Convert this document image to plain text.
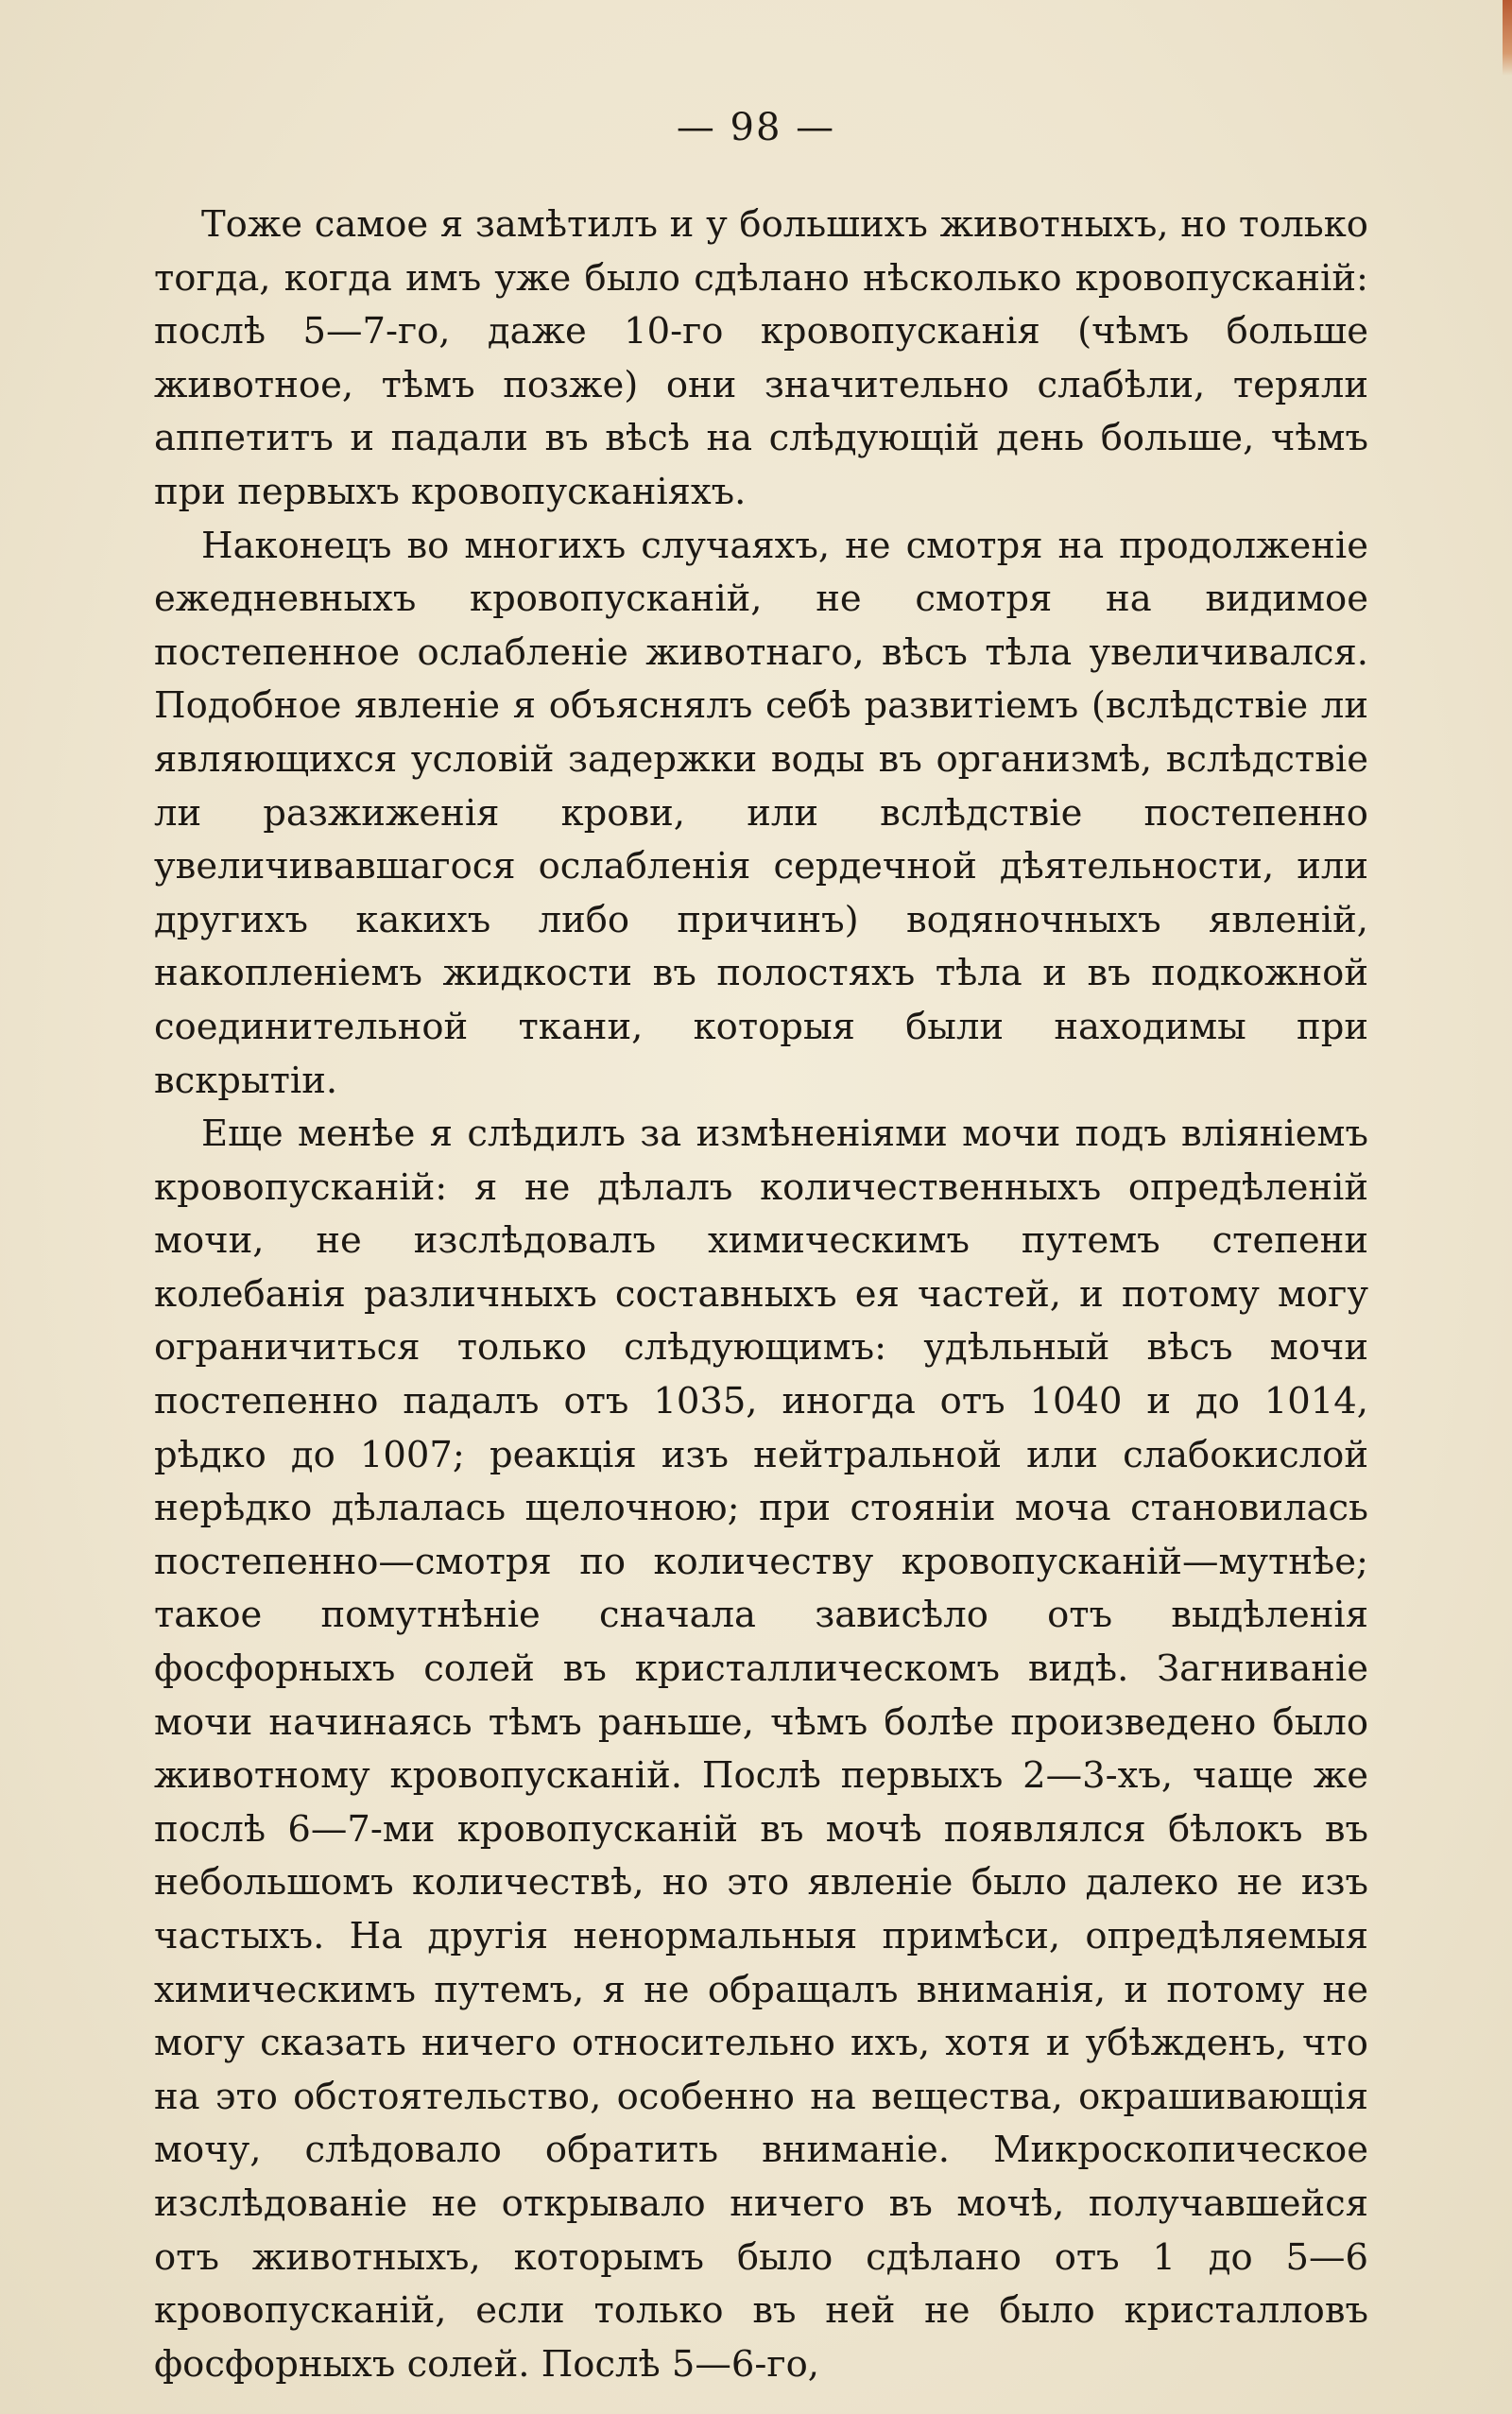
— 98 —

Тоже самое я замѣтилъ и у большихъ животныхъ, но только тогда, когда имъ уже было сдѣлано нѣсколько кровопусканій: послѣ 5—7-го, даже 10-го кровопусканія (чѣмъ больше животное, тѣмъ позже) они значительно слабѣли, теряли аппетитъ и падали въ вѣсѣ на слѣдующій день больше, чѣмъ при первыхъ кровопусканіяхъ.

Наконецъ во многихъ случаяхъ, не смотря на продолженіе ежедневныхъ кровопусканій, не смотря на видимое постепенное ослабленіе животнаго, вѣсъ тѣла увеличивался. Подобное явленіе я объяснялъ себѣ развитіемъ (вслѣдствіе ли являющихся условій задержки воды въ организмѣ, вслѣдствіе ли разжиженія крови, или вслѣдствіе постепенно увеличивавшагося ослабленія сердечной дѣятельности, или другихъ какихъ либо причинъ) водяночныхъ явленій, накопленіемъ жидкости въ полостяхъ тѣла и въ подкожной соединительной ткани, которыя были находимы при вскрытіи.

Еще менѣе я слѣдилъ за измѣненіями мочи подъ вліяніемъ кровопусканій: я не дѣлалъ количественныхъ опредѣленій мочи, не изслѣдовалъ химическимъ путемъ степени колебанія различныхъ составныхъ ея частей, и потому могу ограничиться только слѣдующимъ: удѣльный вѣсъ мочи постепенно падалъ отъ 1035, иногда отъ 1040 и до 1014, рѣдко до 1007; реакція изъ нейтральной или слабокислой нерѣдко дѣлалась щелочною; при стояніи моча становилась постепенно—смотря по количеству кровопусканій—мутнѣе; такое помутнѣніе сначала зависѣло отъ выдѣленія фосфорныхъ солей въ кристаллическомъ видѣ. Загниваніе мочи начинаясь тѣмъ раньше, чѣмъ болѣе произведено было животному кровопусканій. Послѣ первыхъ 2—3-хъ, чаще же послѣ 6—7-ми кровопусканій въ мочѣ появлялся бѣлокъ въ небольшомъ количествѣ, но это явленіе было далеко не изъ частыхъ. На другія ненормальныя примѣси, опредѣляемыя химическимъ путемъ, я не обращалъ вниманія, и потому не могу сказать ничего относительно ихъ, хотя и убѣжденъ, что на это обстоятельство, особенно на вещества, окрашивающія мочу, слѣдовало обратить вниманіе. Микроскопическое изслѣдованіе не открывало ничего въ мочѣ, получавшейся отъ животныхъ, которымъ было сдѣлано отъ 1 до 5—6 кровопусканій, если только въ ней не было кристалловъ фосфорныхъ солей. Послѣ 5—6-го,
